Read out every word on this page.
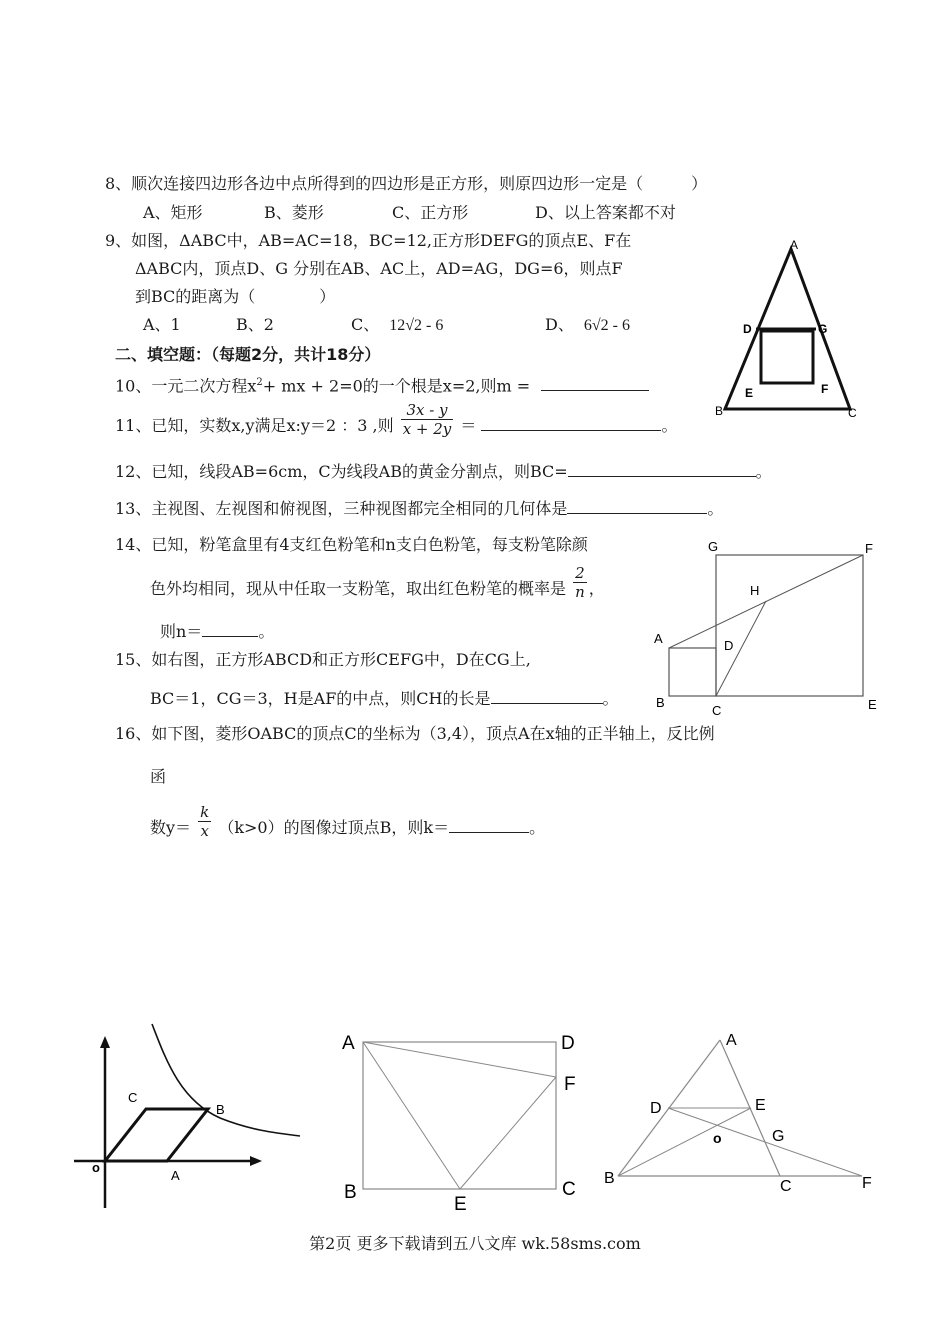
8、顺次连接四边形各边中点所得到的四边形是正方形，则原四边形一定是（　　　）
A、矩形	B、菱形	C、正方形	D、以上答案都不对
9、如图，ΔABC中，AB=AC=18，BC=12,正方形DEFG的顶点E、F在
ΔABC内，顶点D、G 分别在AB、AC上，AD=AG，DG=6，则点F
到BC的距离为（　　　　）
A、1	B、2	C、 12√2 - 6	D、 6√2 - 6
A
D	G
E	F
B	C
二、填空题：（每题2分，共计18分）
10、一元二次方程$x^2+$ mx + 2=0的一个根是x=2,则m =
11、已知，实数x,y满足x:y＝2 ：3 ,则 $\frac{3x - y}{x + 2y}$ ＝	。
12、已知，线段AB=6cm，C为线段AB的黄金分割点，则BC=	。
13、主视图、左视图和俯视图，三种视图都完全相同的几何体是	。
14、已知，粉笔盒里有4支红色粉笔和n支白色粉笔，每支粉笔除颜
色外均相同，现从中任取一支粉笔，取出红色粉笔的概率是 $\frac{2}{n}$ ，
则n＝	。
15、如右图，正方形ABCD和正方形CEFG中，D在CG上,
BC＝1，CG＝3，H是AF的中点，则CH的长是	。
G	F
H
A	D
B
C	E
16、如下图，菱形OABC的顶点C的坐标为（3,4），顶点A在x轴的正半轴上，反比例
函
数$y= \frac{k}{x} (k>0)$的图像过顶点B，则k＝	。
C
B
o
A
A	D
F
B
E
C
A
D	E
G
o
B	C	F
第2页 更多下载请到五八文库 wk.58sms.com
